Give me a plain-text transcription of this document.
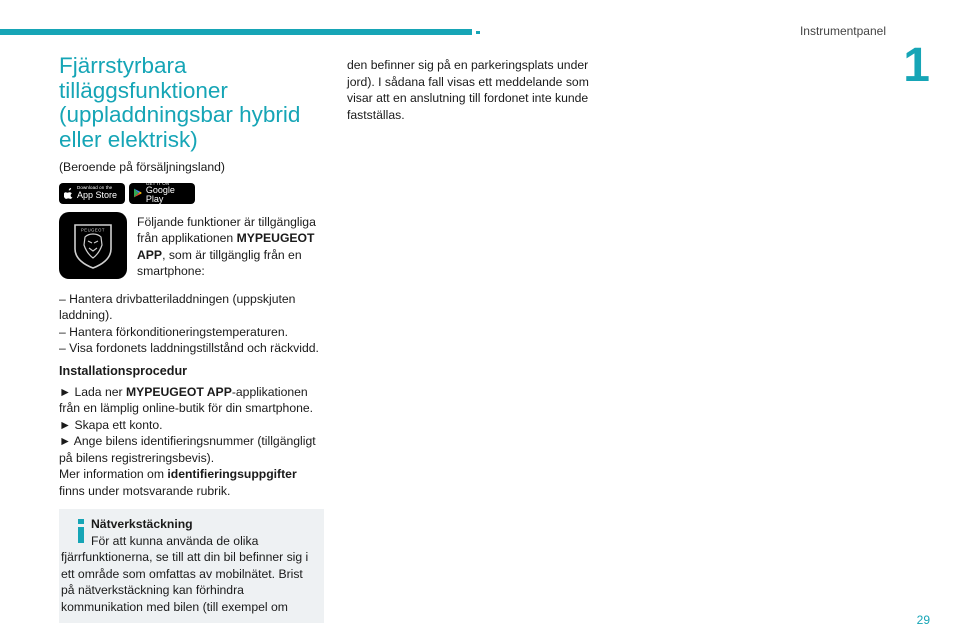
Instrumentpanel
1
Fjärrstyrbara tilläggsfunktioner (uppladdningsbar hybrid eller elektrisk)

(Beroende på försäljningsland)

Download on the
App Store
GET IT ON
Google Play
PEUGEOT

Följande funktioner är tillgängliga från applikationen MYPEUGEOT APP, som är tillgänglig från en smartphone:

– Hantera drivbatteriladdningen (uppskjuten laddning).

– Hantera förkonditioneringstemperaturen.

– Visa fordonets laddningstillstånd och räckvidd.

Installationsprocedur

► Lada ner MYPEUGEOT APP-applikationen från en lämplig online-butik för din smartphone.

► Skapa ett konto.

► Ange bilens identifieringsnummer (tillgängligt på bilens registreringsbevis).

Mer information om identifieringsuppgifter finns under motsvarande rubrik.

Nätverkstäckning

För att kunna använda de olika

fjärrfunktionerna, se till att din bil befinner sig i ett område som omfattas av mobilnätet. Brist på nätverkstäckning kan förhindra kommunikation med bilen (till exempel om

den befinner sig på en parkeringsplats under jord). I sådana fall visas ett meddelande som visar att en anslutning till fordonet inte kunde fastställas.

29
